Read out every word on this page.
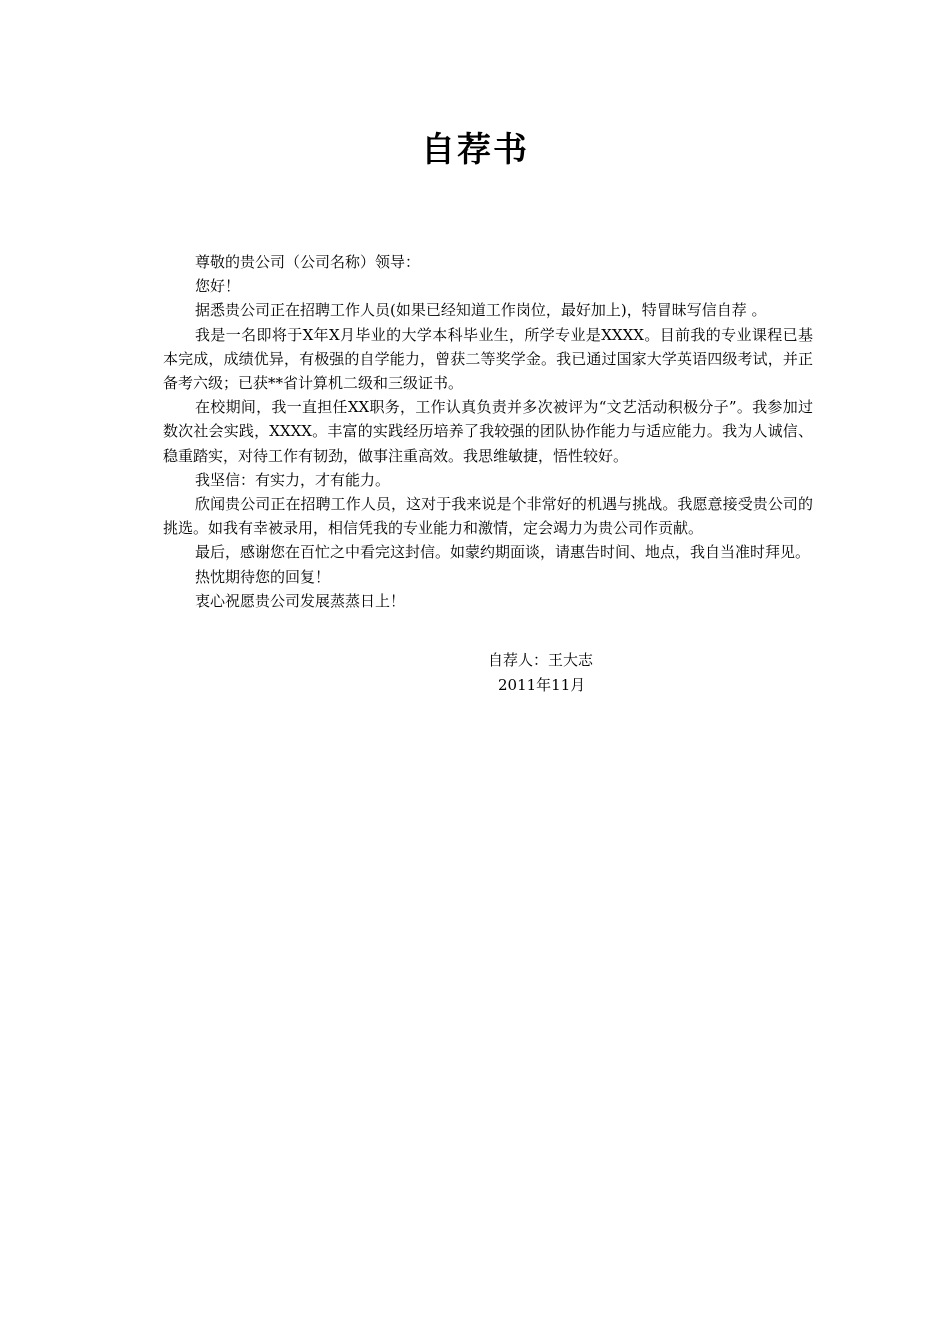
自荐书

尊敬的贵公司（公司名称）领导：

您好！

据悉贵公司正在招聘工作人员(如果已经知道工作岗位，最好加上)，特冒昧写信自荐 。

我是一名即将于X年X月毕业的大学本科毕业生，所学专业是XXXX。目前我的专业课程已基本完成，成绩优异，有极强的自学能力，曾获二等奖学金。我已通过国家大学英语四级考试，并正备考六级；已获**省计算机二级和三级证书。

在校期间，我一直担任XX职务，工作认真负责并多次被评为“文艺活动积极分子”。我参加过数次社会实践，XXXX。丰富的实践经历培养了我较强的团队协作能力与适应能力。我为人诚信、稳重踏实，对待工作有韧劲，做事注重高效。我思维敏捷，悟性较好。

我坚信：有实力，才有能力。

欣闻贵公司正在招聘工作人员，这对于我来说是个非常好的机遇与挑战。我愿意接受贵公司的挑选。如我有幸被录用，相信凭我的专业能力和激情，定会竭力为贵公司作贡献。

最后，感谢您在百忙之中看完这封信。如蒙约期面谈，请惠告时间、地点，我自当准时拜见。

热忱期待您的回复！

衷心祝愿贵公司发展蒸蒸日上！

自荐人：王大志

2011年11月
